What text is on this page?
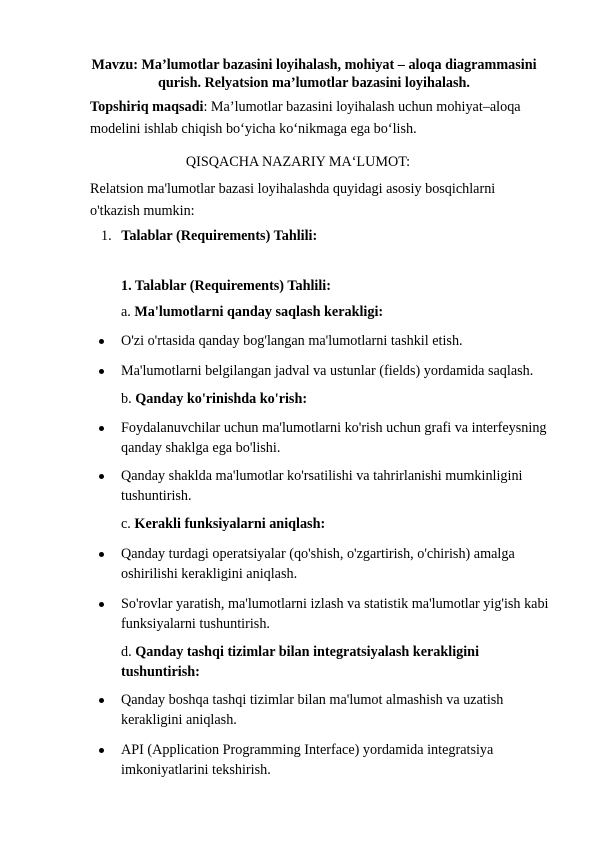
Mavzu: Ma’lumotlar bazasini loyihalash, mohiyat – aloqa diagrammasini
qurish. Relyatsion ma’lumotlar bazasini loyihalash.
Topshiriq maqsadi: Ma’lumotlar bazasini loyihalash uchun mohiyat–aloqa modelini ishlab chiqish bo‘yicha ko‘nikmaga ega bo‘lish.
QISQACHA NAZARIY MA‘LUMOT:
Relatsion ma'lumotlar bazasi loyihalashda quyidagi asosiy bosqichlarni o'tkazish mumkin:
1. Talablar (Requirements) Tahlili:
1. Talablar (Requirements) Tahlili:
a. Ma'lumotlarni qanday saqlash kerakligi:
O'zi o'rtasida qanday bog'langan ma'lumotlarni tashkil etish.
Ma'lumotlarni belgilangan jadval va ustunlar (fields) yordamida saqlash.
b. Qanday ko'rinishda ko'rish:
Foydalanuvchilar uchun ma'lumotlarni ko'rish uchun grafi va interfeysning qanday shaklga ega bo'lishi.
Qanday shaklda ma'lumotlar ko'rsatilishi va tahrirlanishi mumkinligini tushuntirish.
c. Kerakli funksiyalarni aniqlash:
Qanday turdagi operatsiyalar (qo'shish, o'zgartirish, o'chirish) amalga oshirilishi kerakligini aniqlash.
So'rovlar yaratish, ma'lumotlarni izlash va statistik ma'lumotlar yig'ish kabi funksiyalarni tushuntirish.
d. Qanday tashqi tizimlar bilan integratsiyalash kerakligini tushuntirish:
Qanday boshqa tashqi tizimlar bilan ma'lumot almashish va uzatish kerakligini aniqlash.
API (Application Programming Interface) yordamida integratsiya imkoniyatlarini tekshirish.
